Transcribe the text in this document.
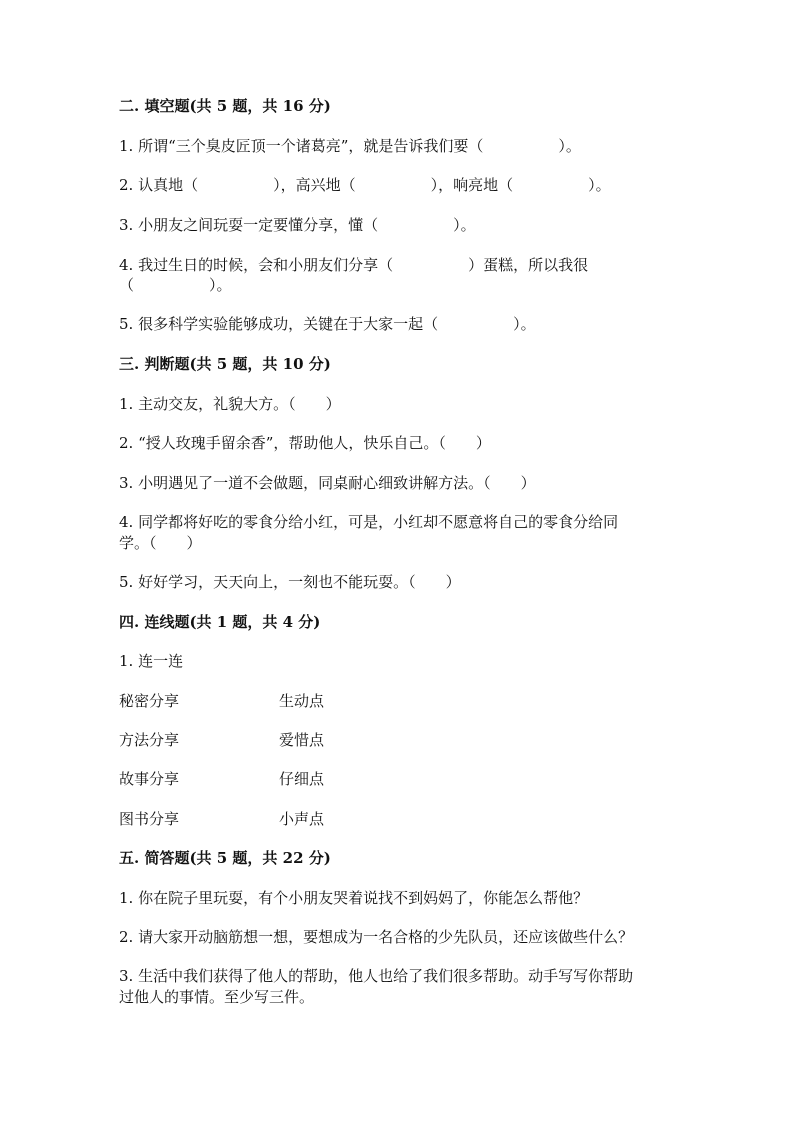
二. 填空题(共 5 题，共 16 分)
1. 所谓“三个臭皮匠顶一个诸葛亮”，就是告诉我们要（　　　　　）。
2. 认真地（　　　　　），高兴地（　　　　　），响亮地（　　　　　）。
3. 小朋友之间玩耍一定要懂分享，懂（　　　　　）。
4. 我过生日的时候，会和小朋友们分享（　　　　　）蛋糕，所以我很
（　　　　　）。
5. 很多科学实验能够成功，关键在于大家一起（　　　　　）。
三. 判断题(共 5 题，共 10 分)
1. 主动交友，礼貌大方。（　　）
2. “授人玫瑰手留余香”，帮助他人，快乐自己。（　　）
3. 小明遇见了一道不会做题，同桌耐心细致讲解方法。（　　）
4. 同学都将好吃的零食分给小红，可是，小红却不愿意将自己的零食分给同
学。（　　）
5. 好好学习，天天向上，一刻也不能玩耍。（　　）
四. 连线题(共 1 题，共 4 分)
1. 连一连
秘密分享	生动点
方法分享	爱惜点
故事分享	仔细点
图书分享	小声点
五. 简答题(共 5 题，共 22 分)
1. 你在院子里玩耍，有个小朋友哭着说找不到妈妈了，你能怎么帮他？
2. 请大家开动脑筋想一想，要想成为一名合格的少先队员，还应该做些什么？
3. 生活中我们获得了他人的帮助，他人也给了我们很多帮助。动手写写你帮助
过他人的事情。至少写三件。
